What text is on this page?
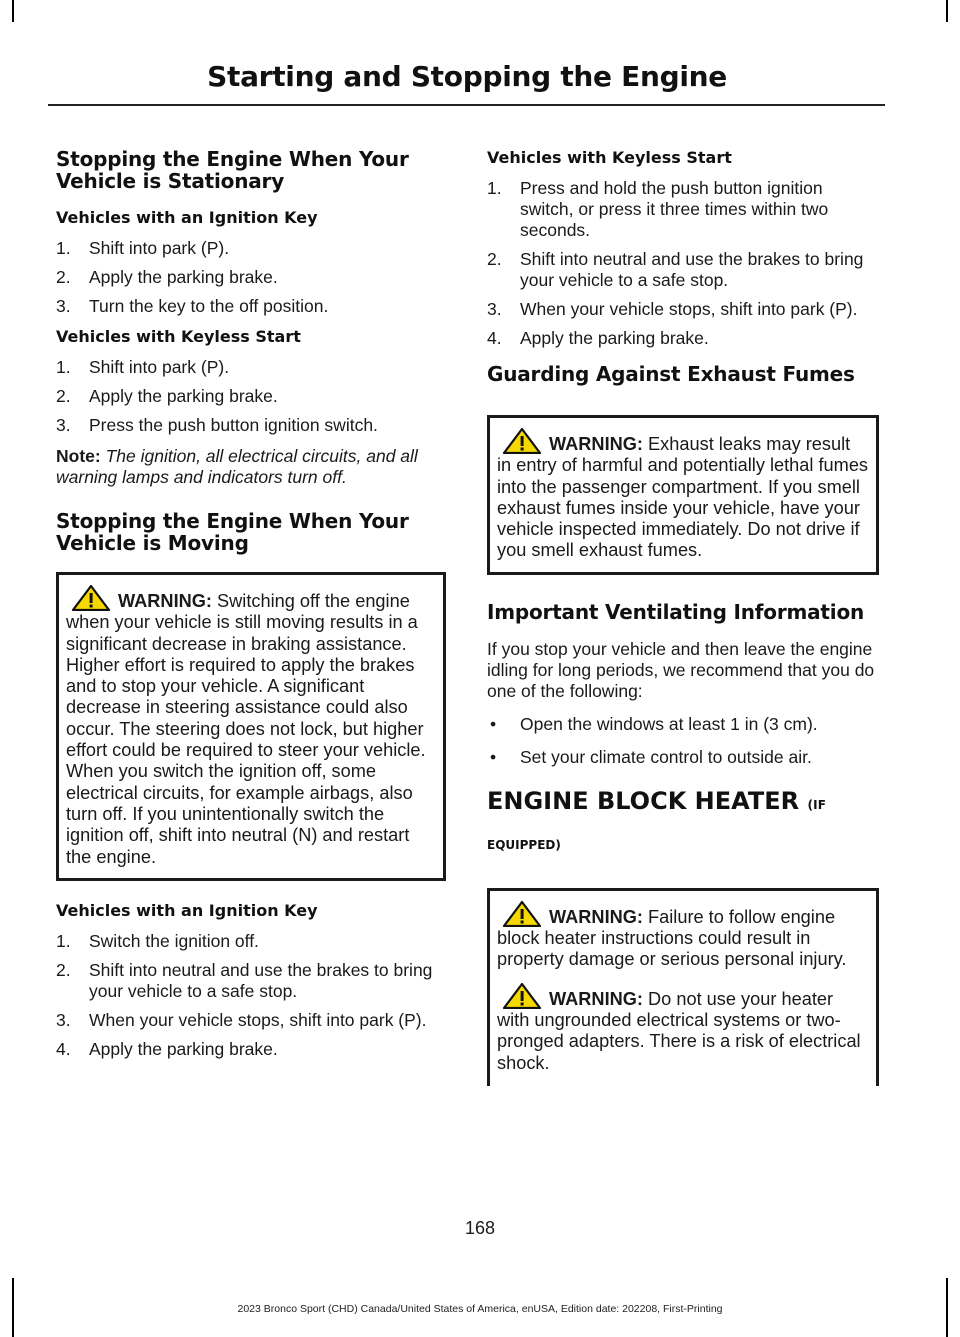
Starting and Stopping the Engine
Stopping the Engine When Your Vehicle is Stationary
Vehicles with an Ignition Key
1. Shift into park (P).
2. Apply the parking brake.
3. Turn the key to the off position.
Vehicles with Keyless Start
1. Shift into park (P).
2. Apply the parking brake.
3. Press the push button ignition switch.

Note: The ignition, all electrical circuits, and all warning lamps and indicators turn off.

Stopping the Engine When Your Vehicle is Moving

WARNING: Switching off the engine when your vehicle is still moving results in a significant decrease in braking assistance. Higher effort is required to apply the brakes and to stop your vehicle. A significant decrease in steering assistance could also occur. The steering does not lock, but higher effort could be required to steer your vehicle. When you switch the ignition off, some electrical circuits, for example airbags, also turn off. If you unintentionally switch the ignition off, shift into neutral (N) and restart the engine.

Vehicles with an Ignition Key
1. Switch the ignition off.
2. Shift into neutral and use the brakes to bring your vehicle to a safe stop.
3. When your vehicle stops, shift into park (P).
4. Apply the parking brake.
Vehicles with Keyless Start
1. Press and hold the push button ignition switch, or press it three times within two seconds.
2. Shift into neutral and use the brakes to bring your vehicle to a safe stop.
3. When your vehicle stops, shift into park (P).
4. Apply the parking brake.
Guarding Against Exhaust Fumes

WARNING: Exhaust leaks may result in entry of harmful and potentially lethal fumes into the passenger compartment. If you smell exhaust fumes inside your vehicle, have your vehicle inspected immediately. Do not drive if you smell exhaust fumes.

Important Ventilating Information

If you stop your vehicle and then leave the engine idling for long periods, we recommend that you do one of the following:

• Open the windows at least 1 in (3 cm).
• Set your climate control to outside air.
ENGINE BLOCK HEATER (IF
EQUIPPED)

WARNING: Failure to follow engine block heater instructions could result in property damage or serious personal injury.

WARNING: Do not use your heater with ungrounded electrical systems or two-pronged adapters. There is a risk of electrical shock.

168
2023 Bronco Sport (CHD) Canada/United States of America, enUSA, Edition date: 202208, First-Printing
